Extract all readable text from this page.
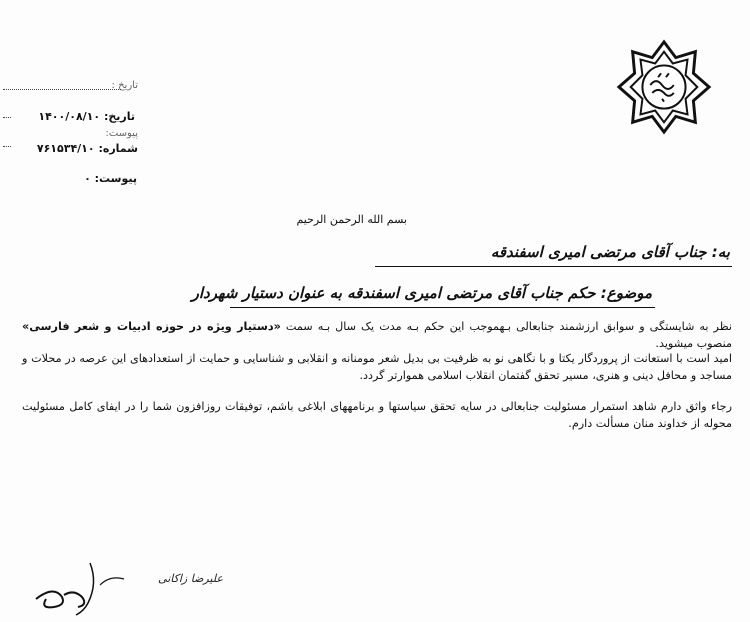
تاریخ :
تاریخ: ۱۴۰۰/۰۸/۱۰
پیوست:
شماره: ۷۶۱۵۳۴/۱۰
پیوست: ۰
بسم الله الرحمن الرحيم
به: جناب آقای مرتضی امیری اسفندقه
موضوع: حکم جناب آقای مرتضی امیری اسفندقه به عنوان دستیار شهردار
نظر به شایستگی و سوابق ارزشمند جنابعالی بـهموجب این حکم بـه مدت یک سال بـه سمت «دستیار ویژه در حوزه ادبیات و شعر فارسی» منصوب میشوید.
امید است با استعانت از پروردگار یکتا و با نگاهی نو به ظرفیت بی بدیل شعر مومنانه و انقلابی و شناسایی و حمایت از استعدادهای این عرصه در محلات و مساجد و محافل دینی و هنری، مسیر تحقق گفتمان انقلاب اسلامی هموارتر گردد.
رجاء واثق دارم شاهد استمرار مسئولیت جنابعالی در سایه تحقق سیاستها و برنامههای ابلاغی باشم، توفیقات روزافزون شما را در ایفای کامل مسئولیت محوله از خداوند منان مسألت دارم.
علیرضا زاکانی
